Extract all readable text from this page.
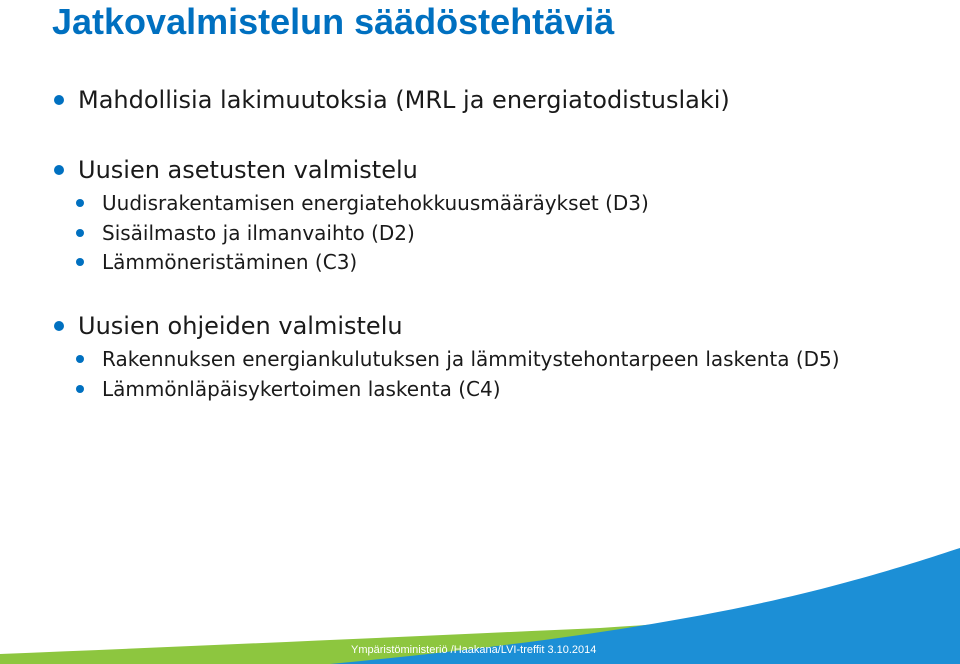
Jatkovalmistelun säädöstehtäviä
Mahdollisia lakimuutoksia (MRL ja energiatodistuslaki)
Uusien asetusten valmistelu
Uudisrakentamisen energiatehokkuusmääräykset (D3)
Sisäilmasto ja ilmanvaihto (D2)
Lämmöneristäminen (C3)
Uusien ohjeiden valmistelu
Rakennuksen energiankulutuksen ja lämmitystehontarpeen laskenta (D5)
Lämmönläpäisykertoimen laskenta (C4)
Ympäristöministeriö /Haakana/LVI-treffit 3.10.2014
